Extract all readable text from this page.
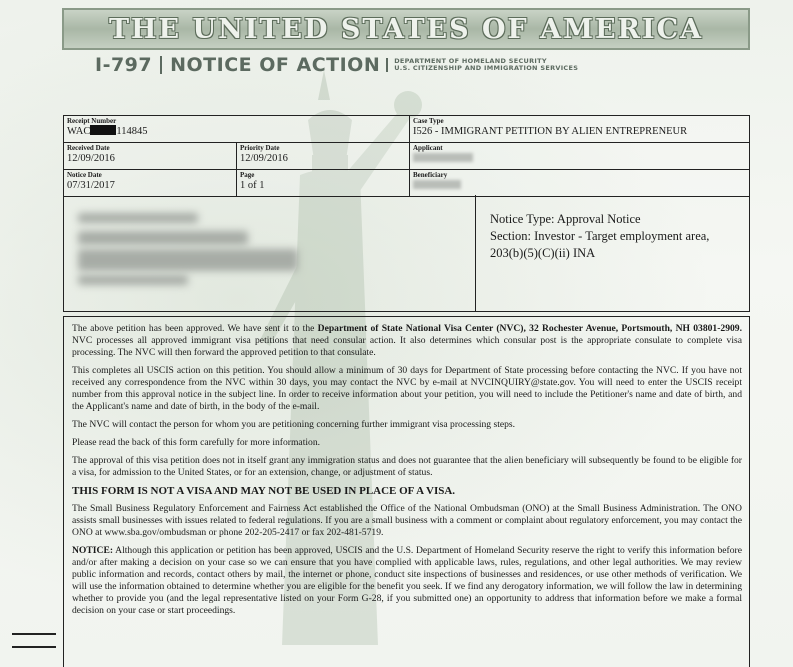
THE UNITED STATES OF AMERICA
I-797 NOTICE OF ACTION DEPARTMENT OF HOMELAND SECURITY
U.S. CITIZENSHIP AND IMMIGRATION SERVICES
Receipt Number
WAC 114845
Case Type
I526 - IMMIGRANT PETITION BY ALIEN ENTREPRENEUR
Received Date
12/09/2016
Priority Date
12/09/2016
Applicant
Notice Date
07/31/2017
Page
1 of 1
Beneficiary
Notice Type: Approval Notice
Section: Investor - Target employment area,
203(b)(5)(C)(ii) INA

The above petition has been approved. We have sent it to the Department of State National Visa Center (NVC), 32 Rochester Avenue, Portsmouth, NH 03801-2909. NVC processes all approved immigrant visa petitions that need consular action. It also determines which consular post is the appropriate consulate to complete visa processing. The NVC will then forward the approved petition to that consulate.

This completes all USCIS action on this petition. You should allow a minimum of 30 days for Department of State processing before contacting the NVC. If you have not received any correspondence from the NVC within 30 days, you may contact the NVC by e-mail at NVCINQUIRY@state.gov. You will need to enter the USCIS receipt number from this approval notice in the subject line. In order to receive information about your petition, you will need to include the Petitioner's name and date of birth, and the Applicant's name and date of birth, in the body of the e-mail.

The NVC will contact the person for whom you are petitioning concerning further immigrant visa processing steps.

Please read the back of this form carefully for more information.

The approval of this visa petition does not in itself grant any immigration status and does not guarantee that the alien beneficiary will subsequently be found to be eligible for a visa, for admission to the United States, or for an extension, change, or adjustment of status.

THIS FORM IS NOT A VISA AND MAY NOT BE USED IN PLACE OF A VISA.

The Small Business Regulatory Enforcement and Fairness Act established the Office of the National Ombudsman (ONO) at the Small Business Administration. The ONO assists small businesses with issues related to federal regulations. If you are a small business with a comment or complaint about regulatory enforcement, you may contact the ONO at www.sba.gov/ombudsman or phone 202-205-2417 or fax 202-481-5719.

NOTICE: Although this application or petition has been approved, USCIS and the U.S. Department of Homeland Security reserve the right to verify this information before and/or after making a decision on your case so we can ensure that you have complied with applicable laws, rules, regulations, and other legal authorities. We may review public information and records, contact others by mail, the internet or phone, conduct site inspections of businesses and residences, or use other methods of verification. We will use the information obtained to determine whether you are eligible for the benefit you seek. If we find any derogatory information, we will follow the law in determining whether to provide you (and the legal representative listed on your Form G-28, if you submitted one) an opportunity to address that information before we make a formal decision on your case or start proceedings.
